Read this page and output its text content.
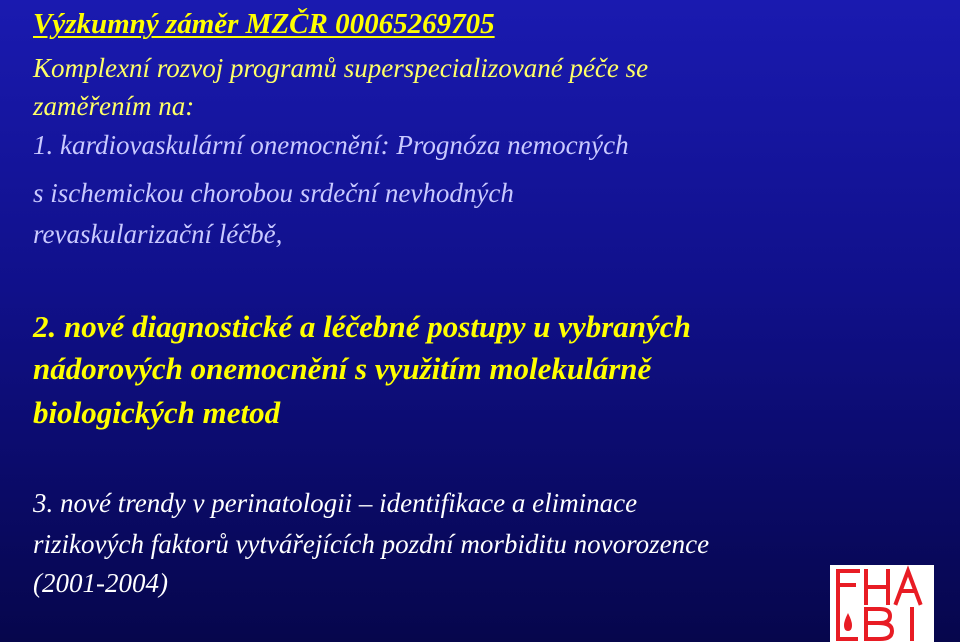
Výzkumný záměr MZČR 00065269705
Komplexní rozvoj programů superspecializované péče se
zaměřením na:
1. kardiovaskulární onemocnění: Prognóza nemocných
s ischemickou chorobou srdeční nevhodných
revaskularizační léčbě,
2. nové diagnostické a léčebné postupy u vybraných
nádorových onemocnění s využitím molekulárně
biologických metod
3. nové trendy v perinatologii – identifikace a eliminace
rizikových faktorů vytvářejících pozdní morbiditu novorozence
(2001-2004)
